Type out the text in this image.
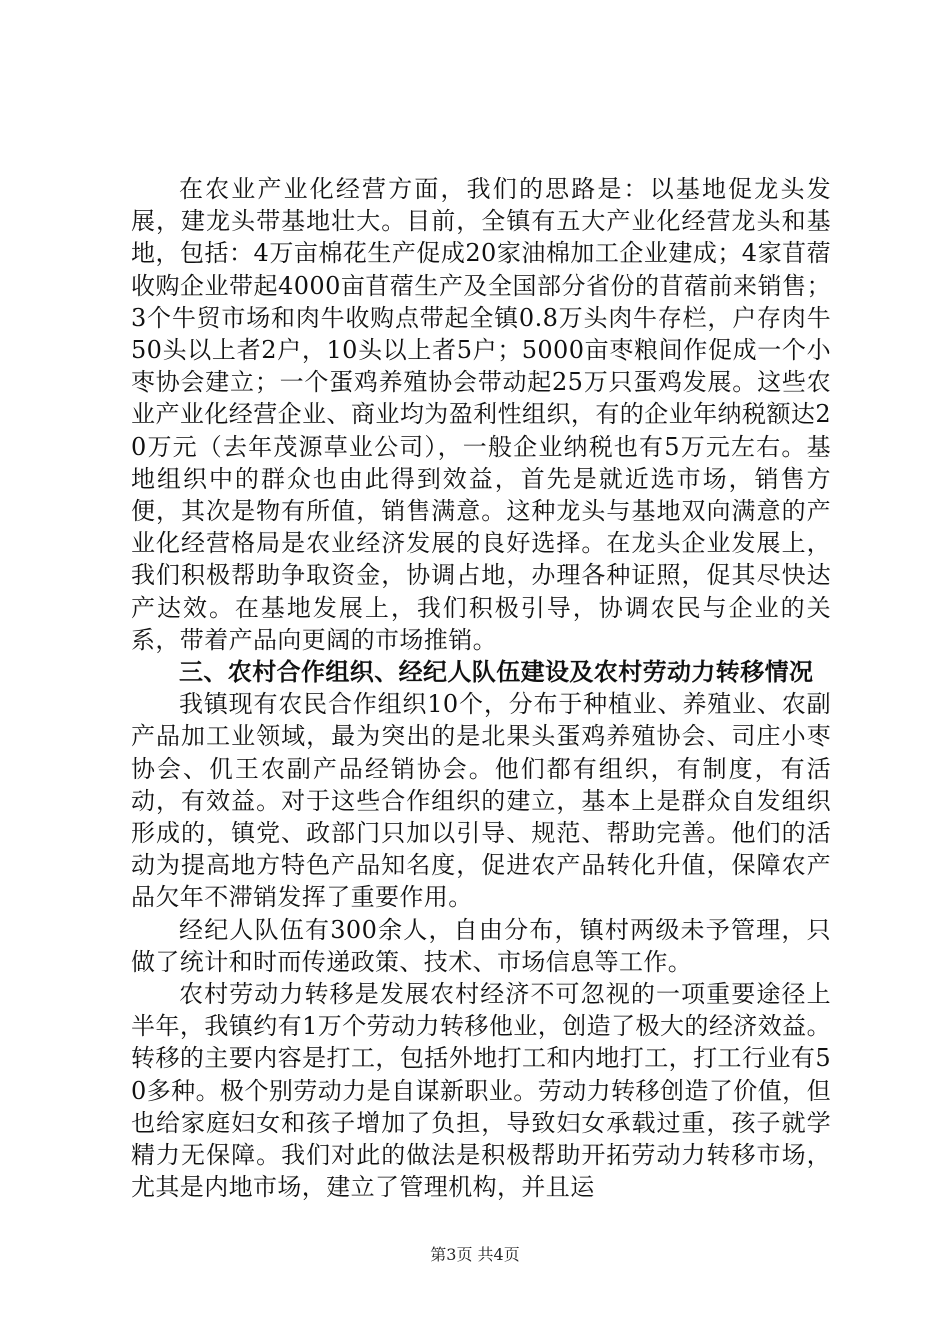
在农业产业化经营方面，我们的思路是：以基地促龙头发展，建龙头带基地壮大。目前，全镇有五大产业化经营龙头和基地，包括：4万亩棉花生产促成20家油棉加工企业建成；4家苜蓿收购企业带起4000亩苜蓿生产及全国部分省份的苜蓿前来销售；3个牛贸市场和肉牛收购点带起全镇0.8万头肉牛存栏，户存肉牛50头以上者2户，10头以上者5户；5000亩枣粮间作促成一个小枣协会建立；一个蛋鸡养殖协会带动起25万只蛋鸡发展。这些农业产业化经营企业、商业均为盈利性组织，有的企业年纳税额达20万元（去年茂源草业公司），一般企业纳税也有5万元左右。基地组织中的群众也由此得到效益，首先是就近选市场，销售方便，其次是物有所值，销售满意。这种龙头与基地双向满意的产业化经营格局是农业经济发展的良好选择。在龙头企业发展上，我们积极帮助争取资金，协调占地，办理各种证照，促其尽快达产达效。在基地发展上，我们积极引导，协调农民与企业的关系，带着产品向更阔的市场推销。

三、农村合作组织、经纪人队伍建设及农村劳动力转移情况

我镇现有农民合作组织10个，分布于种植业、养殖业、农副产品加工业领域，最为突出的是北果头蛋鸡养殖协会、司庄小枣协会、仉王农副产品经销协会。他们都有组织，有制度，有活动，有效益。对于这些合作组织的建立，基本上是群众自发组织形成的，镇党、政部门只加以引导、规范、帮助完善。他们的活动为提高地方特色产品知名度，促进农产品转化升值，保障农产品欠年不滞销发挥了重要作用。

经纪人队伍有300余人，自由分布，镇村两级未予管理，只做了统计和时而传递政策、技术、市场信息等工作。

农村劳动力转移是发展农村经济不可忽视的一项重要途径上半年，我镇约有1万个劳动力转移他业，创造了极大的经济效益。转移的主要内容是打工，包括外地打工和内地打工，打工行业有50多种。极个别劳动力是自谋新职业。劳动力转移创造了价值，但也给家庭妇女和孩子增加了负担，导致妇女承载过重，孩子就学精力无保障。我们对此的做法是积极帮助开拓劳动力转移市场，尤其是内地市场，建立了管理机构，并且运

第3页 共4页
